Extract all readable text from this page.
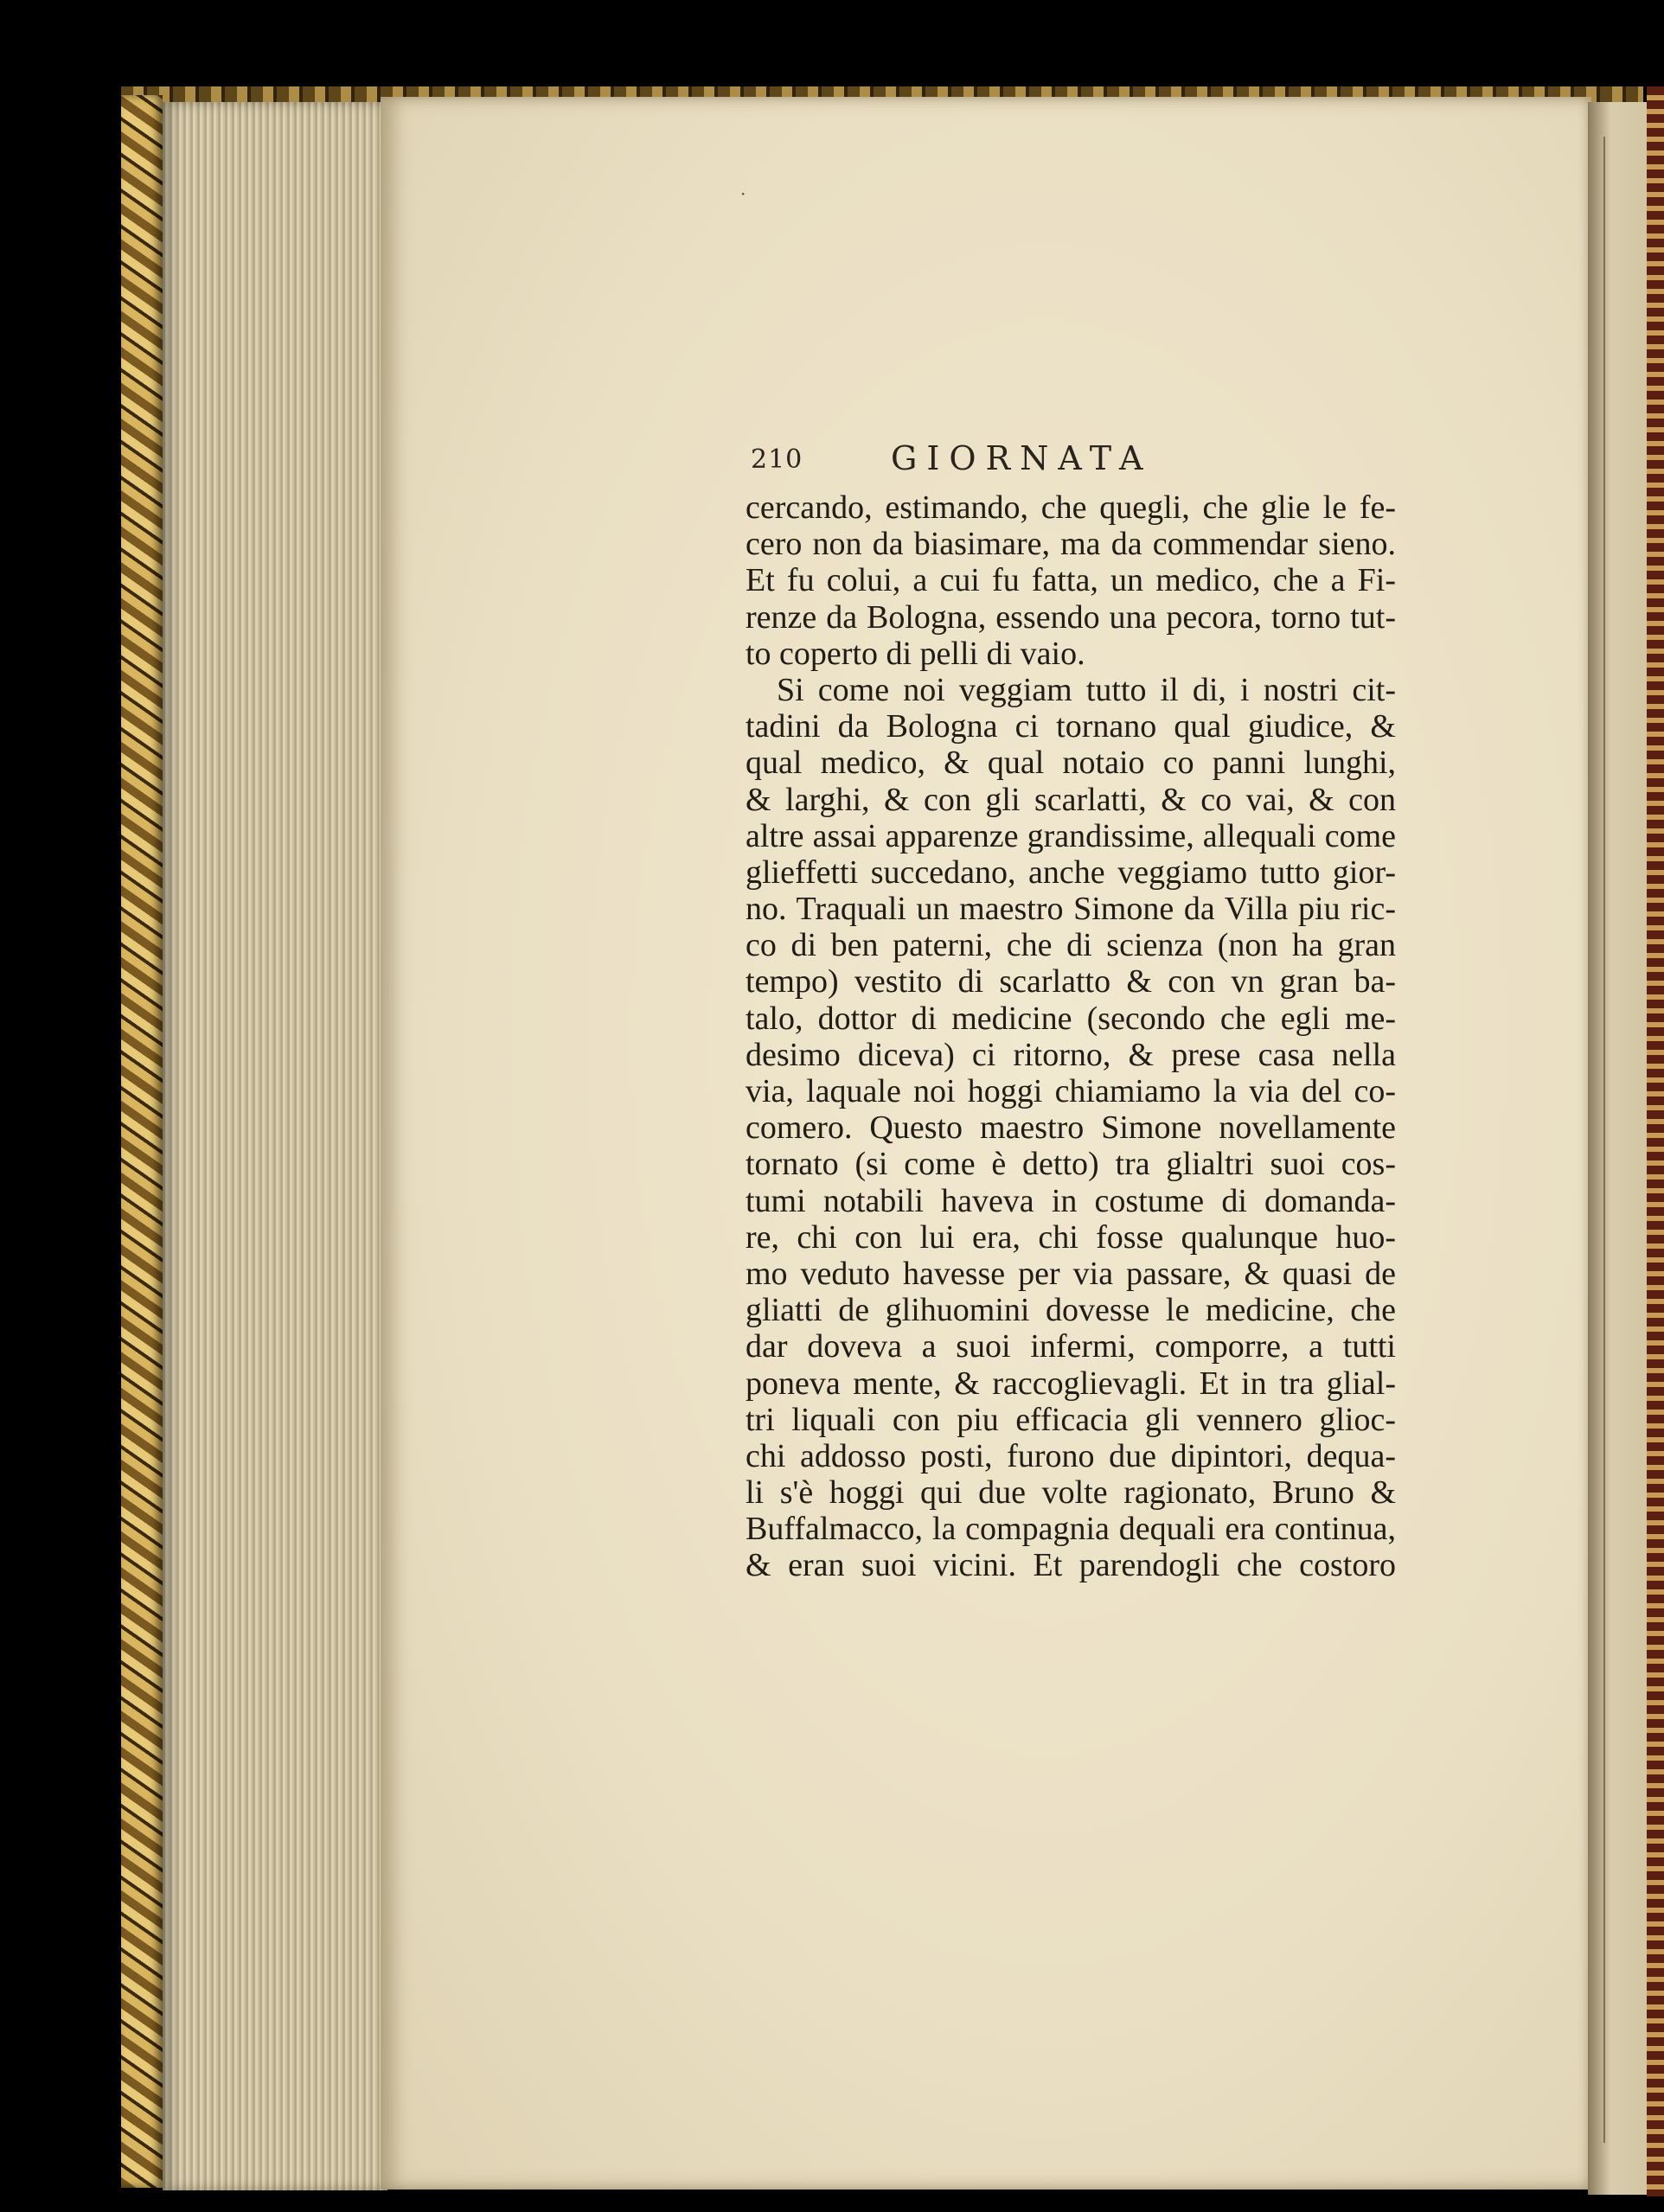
210	GIORNATA
cercando, estimando, che quegli, che glie le fe-
cero non da biasimare, ma da commendar sieno.
Et fu colui, a cui fu fatta, un medico, che a Fi-
renze da Bologna, essendo una pecora, torno tut-
to coperto di pelli di vaio.
Si come noi veggiam tutto il di, i nostri cit-
tadini da Bologna ci tornano qual giudice, &
qual medico, & qual notaio co panni lunghi,
& larghi, & con gli scarlatti, & co vai, & con
altre assai apparenze grandissime, allequali come
glieffetti succedano, anche veggiamo tutto gior-
no. Traquali un maestro Simone da Villa piu ric-
co di ben paterni, che di scienza (non ha gran
tempo) vestito di scarlatto & con vn gran ba-
talo, dottor di medicine (secondo che egli me-
desimo diceva) ci ritorno, & prese casa nella
via, laquale noi hoggi chiamiamo la via del co-
comero. Questo maestro Simone novellamente
tornato (si come è detto) tra glialtri suoi cos-
tumi notabili haveva in costume di domanda-
re, chi con lui era, chi fosse qualunque huo-
mo veduto havesse per via passare, & quasi de
gliatti de glihuomini dovesse le medicine, che
dar doveva a suoi infermi, comporre, a tutti
poneva mente, & raccoglievagli. Et in tra glial-
tri liquali con piu efficacia gli vennero glioc-
chi addosso posti, furono due dipintori, dequa-
li s'è hoggi qui due volte ragionato, Bruno &
Buffalmacco, la compagnia dequali era continua,
& eran suoi vicini. Et parendogli che costoro
·
